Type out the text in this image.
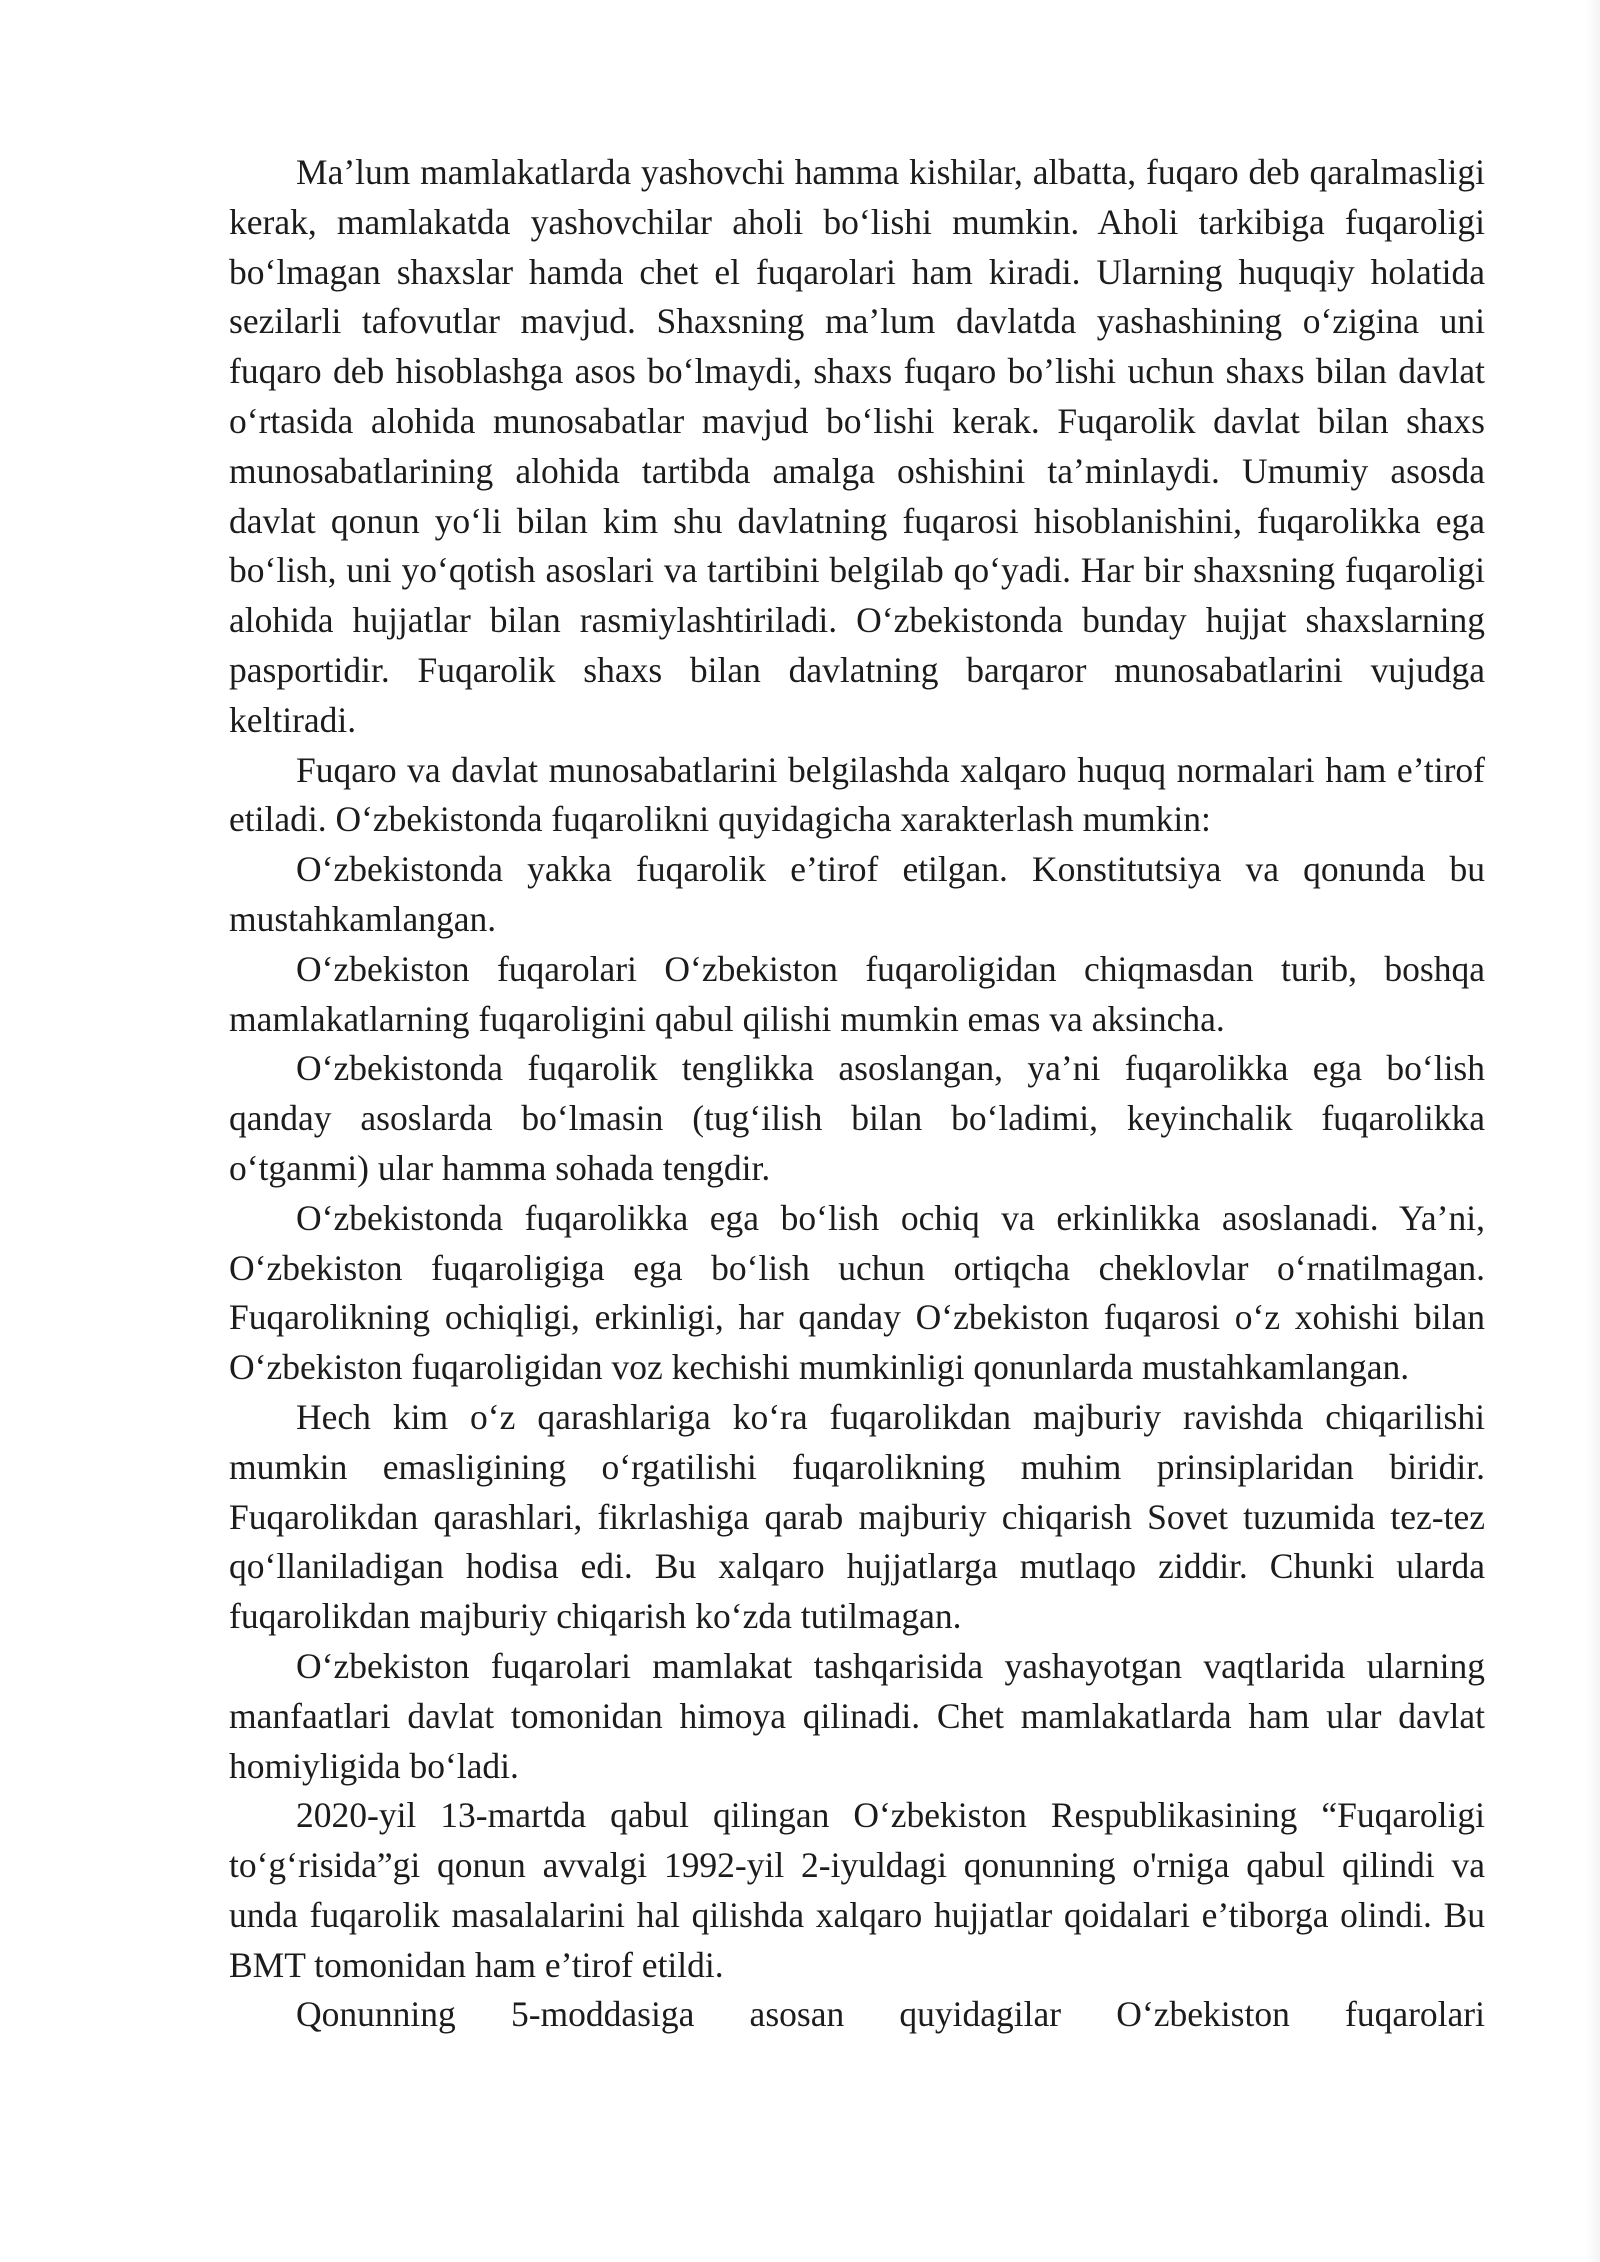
Ma’lum mamlakatlarda yashovchi hamma kishilar, albatta, fuqaro deb qaralmasligi kerak, mamlakatda yashovchilar aholi bo‘lishi mumkin. Aholi tarkibiga fuqaroligi bo‘lmagan shaxslar hamda chet el fuqarolari ham kiradi. Ularning huquqiy holatida sezilarli tafovutlar mavjud. Shaxsning ma’lum davlatda yashashining o‘zigina uni fuqaro deb hisoblashga asos bo‘lmaydi, shaxs fuqaro bo’lishi uchun shaxs bilan davlat o‘rtasida alohida munosabatlar mavjud bo‘lishi kerak. Fuqarolik davlat bilan shaxs munosabatlarining alohida tartibda amalga oshishini ta’minlaydi. Umumiy asosda davlat qonun yo‘li bilan kim shu davlatning fuqarosi hisoblanishini, fuqarolikka ega bo‘lish, uni yo‘qotish asoslari va tartibini belgilab qo‘yadi. Har bir shaxsning fuqaroligi alohida hujjatlar bilan rasmiylashtiriladi. O‘zbekistonda bunday hujjat shaxslarning pasportidir. Fuqarolik shaxs bilan davlatning barqaror munosabatlarini vujudga keltiradi.

Fuqaro va davlat munosabatlarini belgilashda xalqaro huquq normalari ham e’tirof etiladi. O‘zbekistonda fuqarolikni quyidagicha xarakterlash mumkin:

O‘zbekistonda yakka fuqarolik e’tirof etilgan. Konstitutsiya va qonunda bu mustahkamlangan.

O‘zbekiston fuqarolari O‘zbekiston fuqaroligidan chiqmasdan turib, boshqa mamlakatlarning fuqaroligini qabul qilishi mumkin emas va aksincha.

O‘zbekistonda fuqarolik tenglikka asoslangan, ya’ni fuqarolikka ega bo‘lish qanday asoslarda bo‘lmasin (tug‘ilish bilan bo‘ladimi, keyinchalik fuqarolikka o‘tganmi) ular hamma sohada tengdir.

O‘zbekistonda fuqarolikka ega bo‘lish ochiq va erkinlikka asoslanadi. Ya’ni, O‘zbekiston fuqaroligiga ega bo‘lish uchun ortiqcha cheklovlar o‘rnatilmagan. Fuqarolikning ochiqligi, erkinligi, har qanday O‘zbekiston fuqarosi o‘z xohishi bilan O‘zbekiston fuqaroligidan voz kechishi mumkinligi qonunlarda mustahkamlangan.

Hech kim o‘z qarashlariga ko‘ra fuqarolikdan majburiy ravishda chiqarilishi mumkin emasligining o‘rgatilishi fuqarolikning muhim prinsiplaridan biridir. Fuqarolikdan qarashlari, fikrlashiga qarab majburiy chiqarish Sovet tuzumida tez-tez qo‘llaniladigan hodisa edi. Bu xalqaro hujjatlarga mutlaqo ziddir. Chunki ularda fuqarolikdan majburiy chiqarish ko‘zda tutilmagan.

O‘zbekiston fuqarolari mamlakat tashqarisida yashayotgan vaqtlarida ularning manfaatlari davlat tomonidan himoya qilinadi. Chet mamlakatlarda ham ular davlat homiyligida bo‘ladi.

2020-yil 13-martda qabul qilingan O‘zbekiston Respublikasining “Fuqaroligi to‘g‘risida”gi qonun avvalgi 1992-yil 2-iyuldagi qonunning o'rniga qabul qilindi va unda fuqarolik masalalarini hal qilishda xalqaro hujjatlar qoidalari e’tiborga olindi. Bu BMT tomonidan ham e’tirof etildi.

Qonunning 5-moddasiga asosan quyidagilar O‘zbekiston fuqarolari
